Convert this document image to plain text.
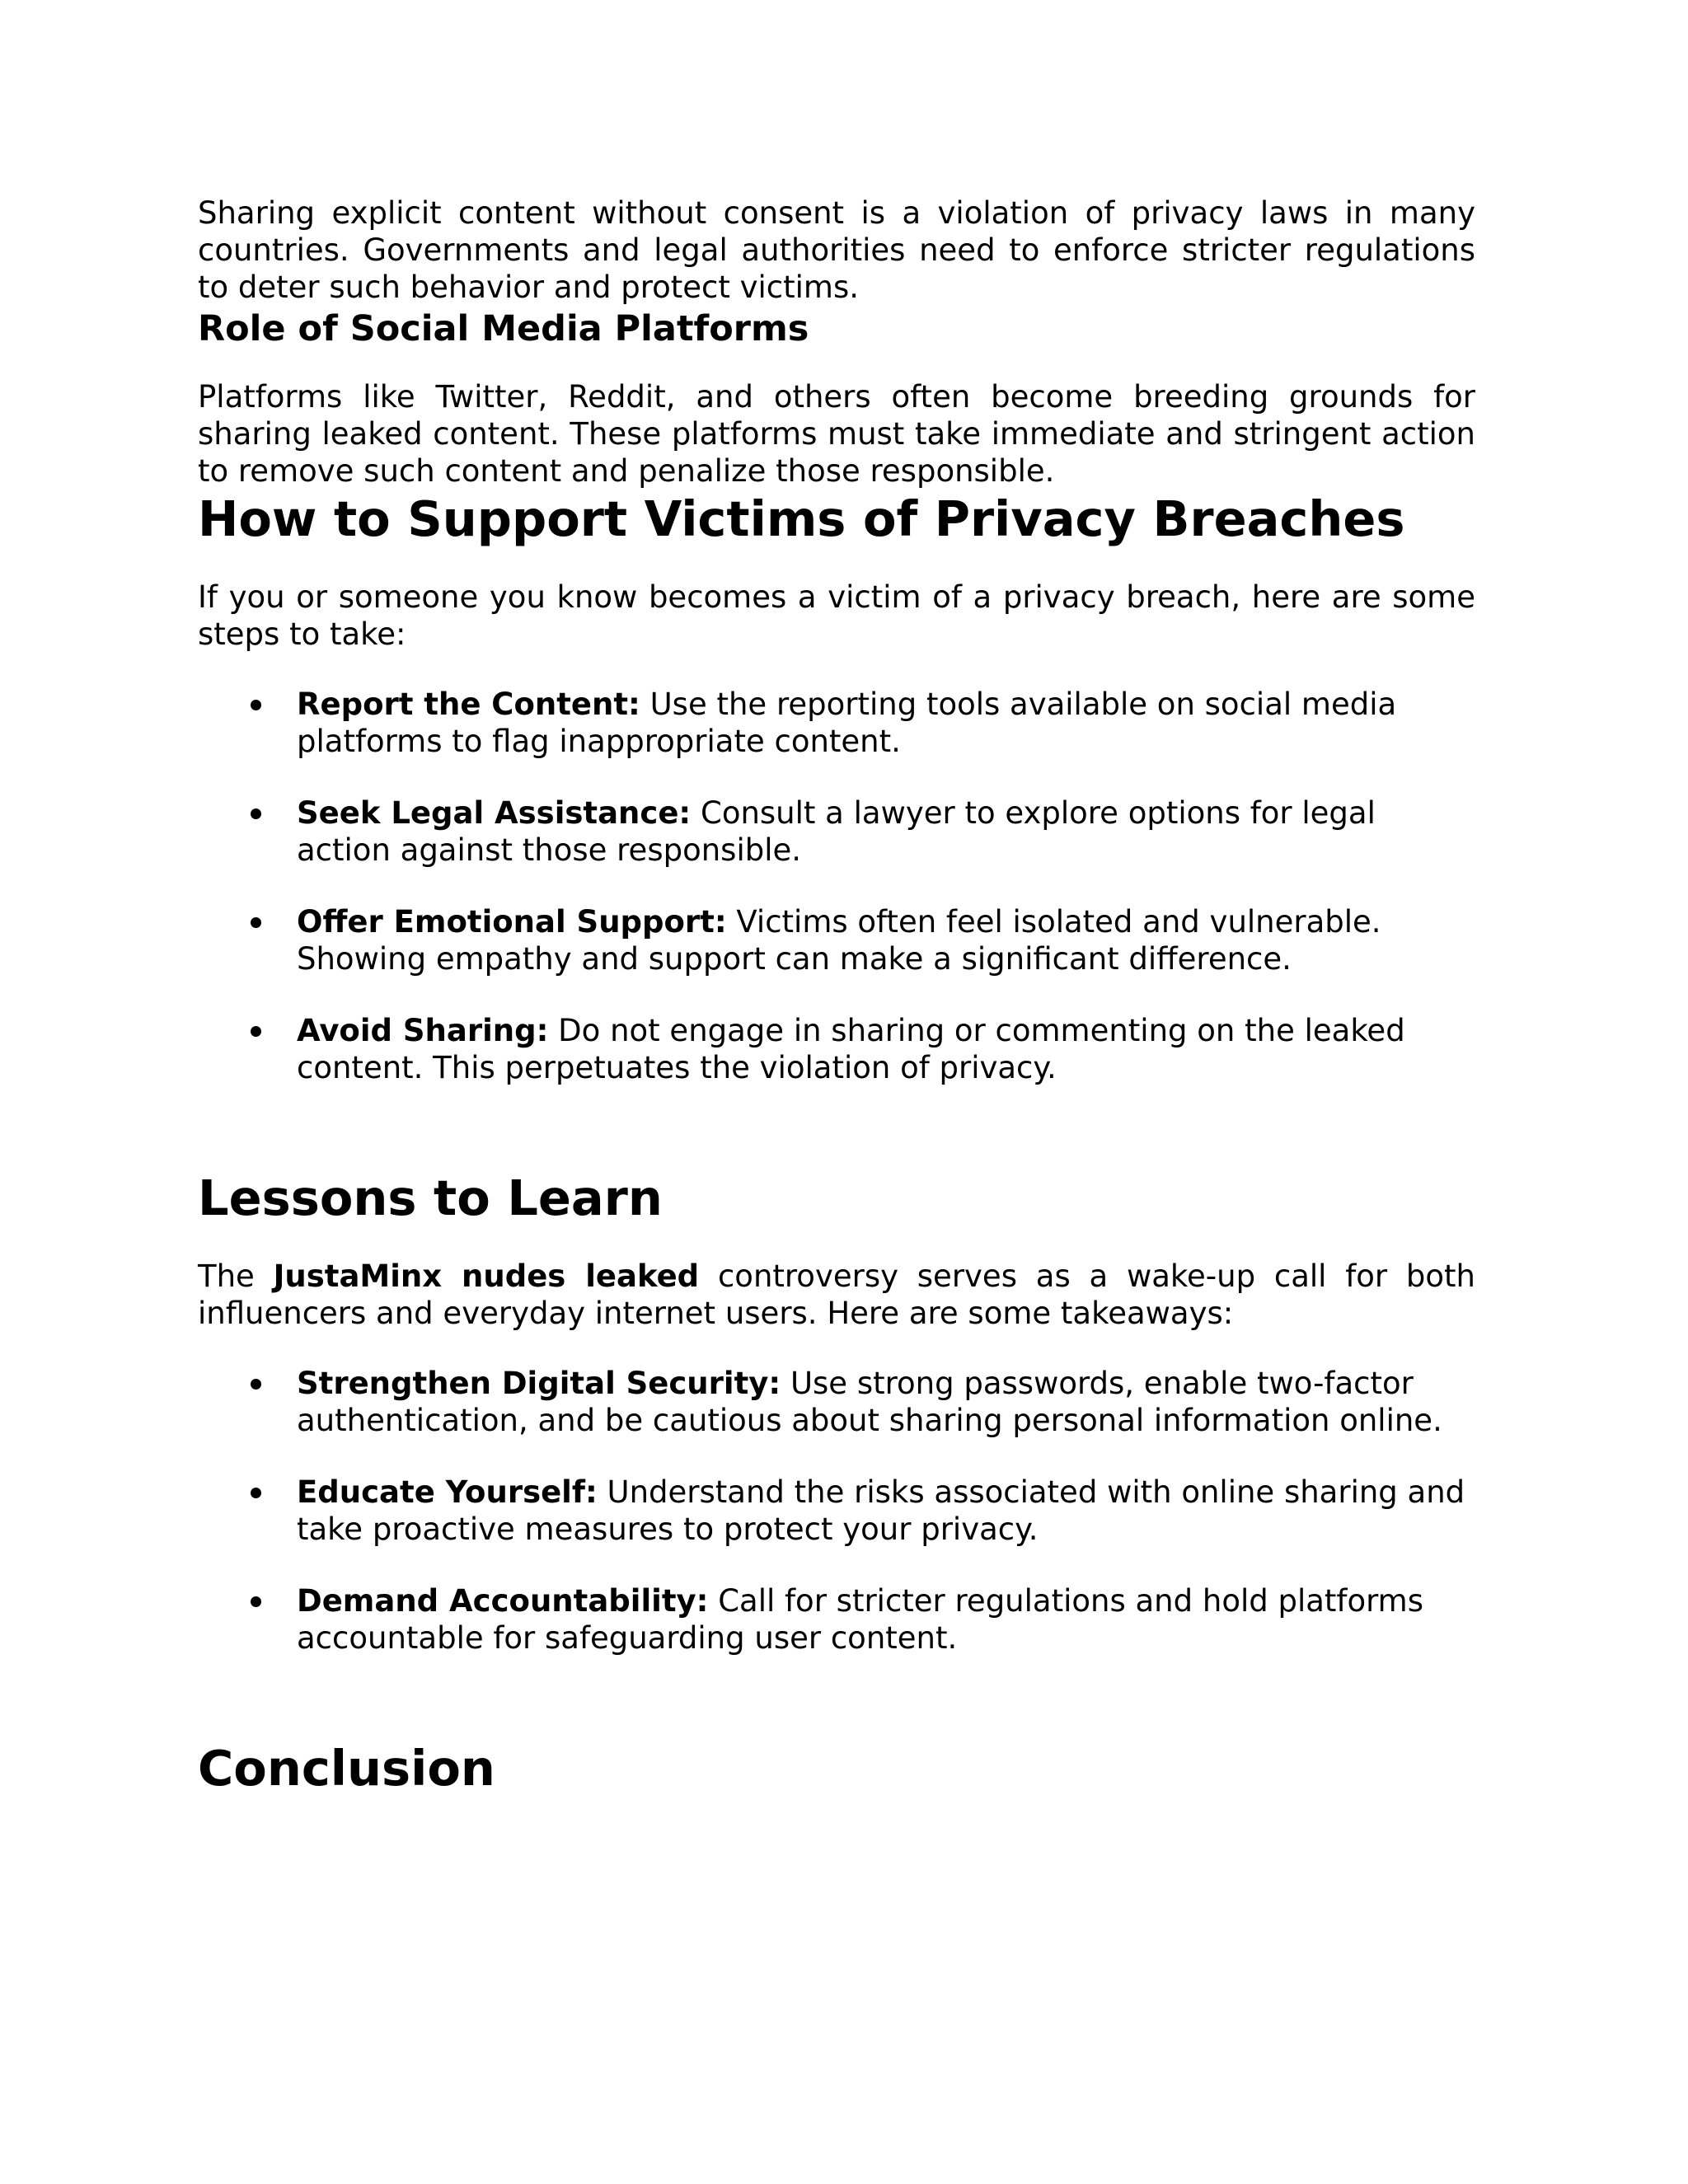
Sharing explicit content without consent is a violation of privacy laws in many countries. Governments and legal authorities need to enforce stricter regulations to deter such behavior and protect victims.

Role of Social Media Platforms

Platforms like Twitter, Reddit, and others often become breeding grounds for sharing leaked content. These platforms must take immediate and stringent action to remove such content and penalize those responsible.

How to Support Victims of Privacy Breaches

If you or someone you know becomes a victim of a privacy breach, here are some steps to take:

Report the Content: Use the reporting tools available on social media platforms to flag inappropriate content.
Seek Legal Assistance: Consult a lawyer to explore options for legal action against those responsible.
Offer Emotional Support: Victims often feel isolated and vulnerable. Showing empathy and support can make a significant difference.
Avoid Sharing: Do not engage in sharing or commenting on the leaked content. This perpetuates the violation of privacy.
Lessons to Learn

The JustaMinx nudes leaked controversy serves as a wake-up call for both influencers and everyday internet users. Here are some takeaways:

Strengthen Digital Security: Use strong passwords, enable two-factor authentication, and be cautious about sharing personal information online.
Educate Yourself: Understand the risks associated with online sharing and take proactive measures to protect your privacy.
Demand Accountability: Call for stricter regulations and hold platforms accountable for safeguarding user content.
Conclusion
